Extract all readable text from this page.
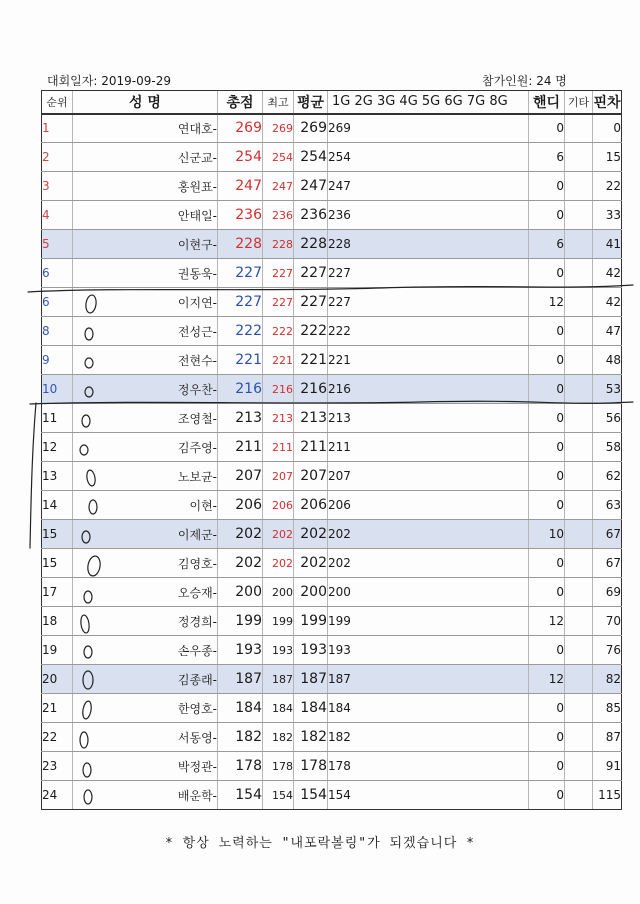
대회일자: 2019-09-29	참가인원: 24 명
순위	성 명	총점	최고	평균	1G 2G 3G 4G 5G 6G 7G 8G	핸디	기타	핀차
1	연대호-	269	269	269	269	0		0
2	신군교-	254	254	254	254	6		15
3	홍원표-	247	247	247	247	0		22
4	안태일-	236	236	236	236	0		33
5	이현구-	228	228	228	228	6		41
6	권동욱-	227	227	227	227	0		42
6	이지연-	227	227	227	227	12		42
8	전성근-	222	222	222	222	0		47
9	전현수-	221	221	221	221	0		48
10	정우찬-	216	216	216	216	0		53
11	조영철-	213	213	213	213	0		56
12	김주영-	211	211	211	211	0		58
13	노보균-	207	207	207	207	0		62
14	이현-	206	206	206	206	0		63
15	이제군-	202	202	202	202	10		67
15	김영호-	202	202	202	202	0		67
17	오승재-	200	200	200	200	0		69
18	정경희-	199	199	199	199	12		70
19	손우종-	193	193	193	193	0		76
20	김종래-	187	187	187	187	12		82
21	한영호-	184	184	184	184	0		85
22	서동영-	182	182	182	182	0		87
23	박정관-	178	178	178	178	0		91
24	배운학-	154	154	154	154	0		115
* 항상 노력하는 "내포락볼링"가 되겠습니다 *
